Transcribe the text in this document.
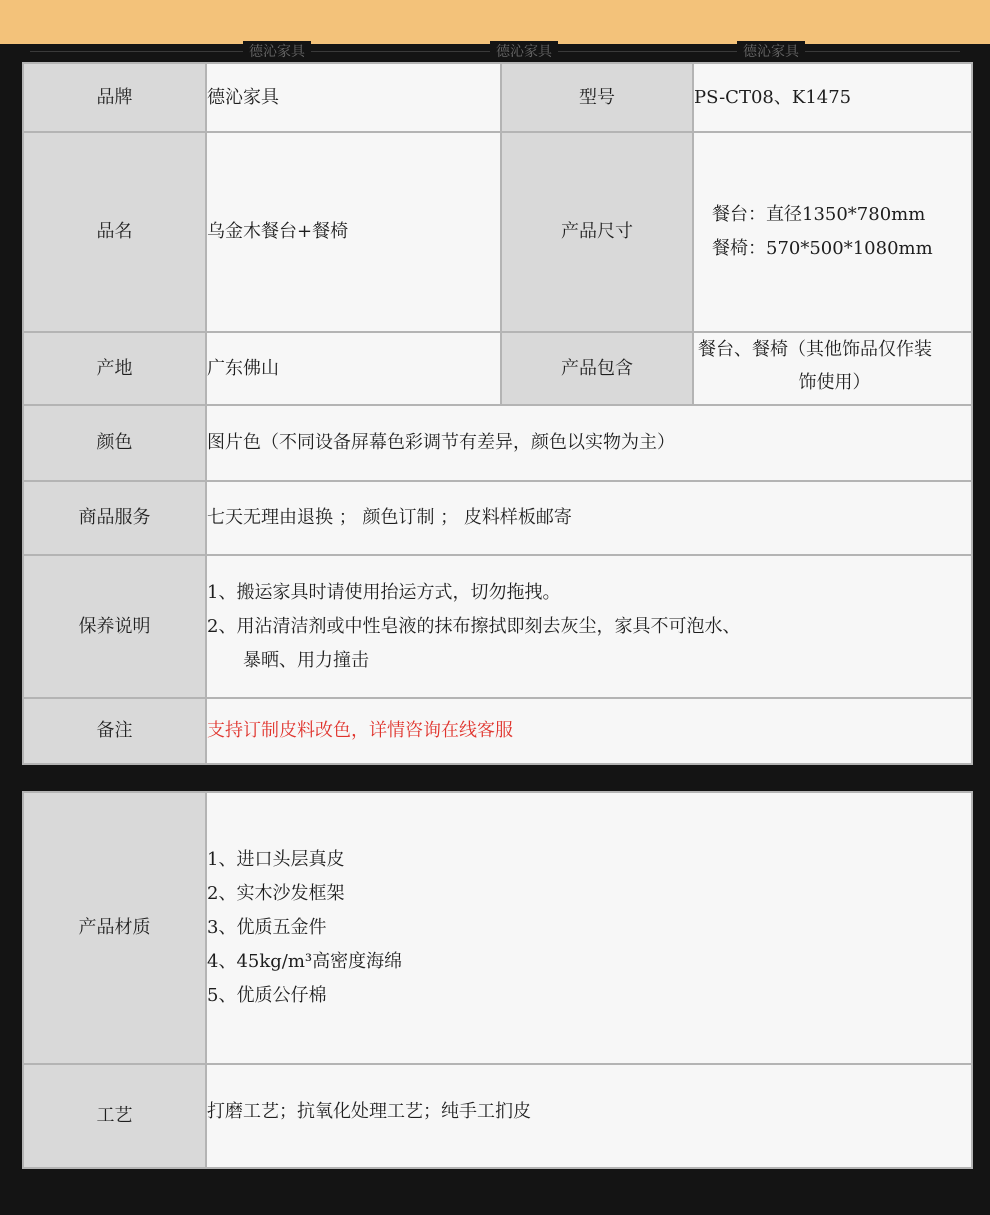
德沁家具	德沁家具	德沁家具
品牌	德沁家具	型号	PS-CT08、K1475
品名	乌金木餐台+餐椅	产品尺寸	餐台：直径1350*780mm
餐椅：570*500*1080mm

产地	广东佛山	产品包含	餐台、餐椅（其他饰品仅作装
饰使用）

颜色	图片色（不同设备屏幕色彩调节有差异，颜色以实物为主）		
商品服务	七天无理由退换 ； 颜色订制 ； 皮料样板邮寄		
保养说明	1、搬运家具时请使用抬运方式，切勿拖拽。
2、用沾清洁剂或中性皂液的抹布擦拭即刻去灰尘，家具不可泡水、
暴晒、用力撞击		

备注	支持订制皮料改色，详情咨询在线客服		
产品材质	1、进口头层真皮
2、实木沙发框架
3、优质五金件
4、45kg/m³高密度海绵
5、优质公仔棉

工艺	打磨工艺；抗氧化处理工艺；纯手工扪皮
